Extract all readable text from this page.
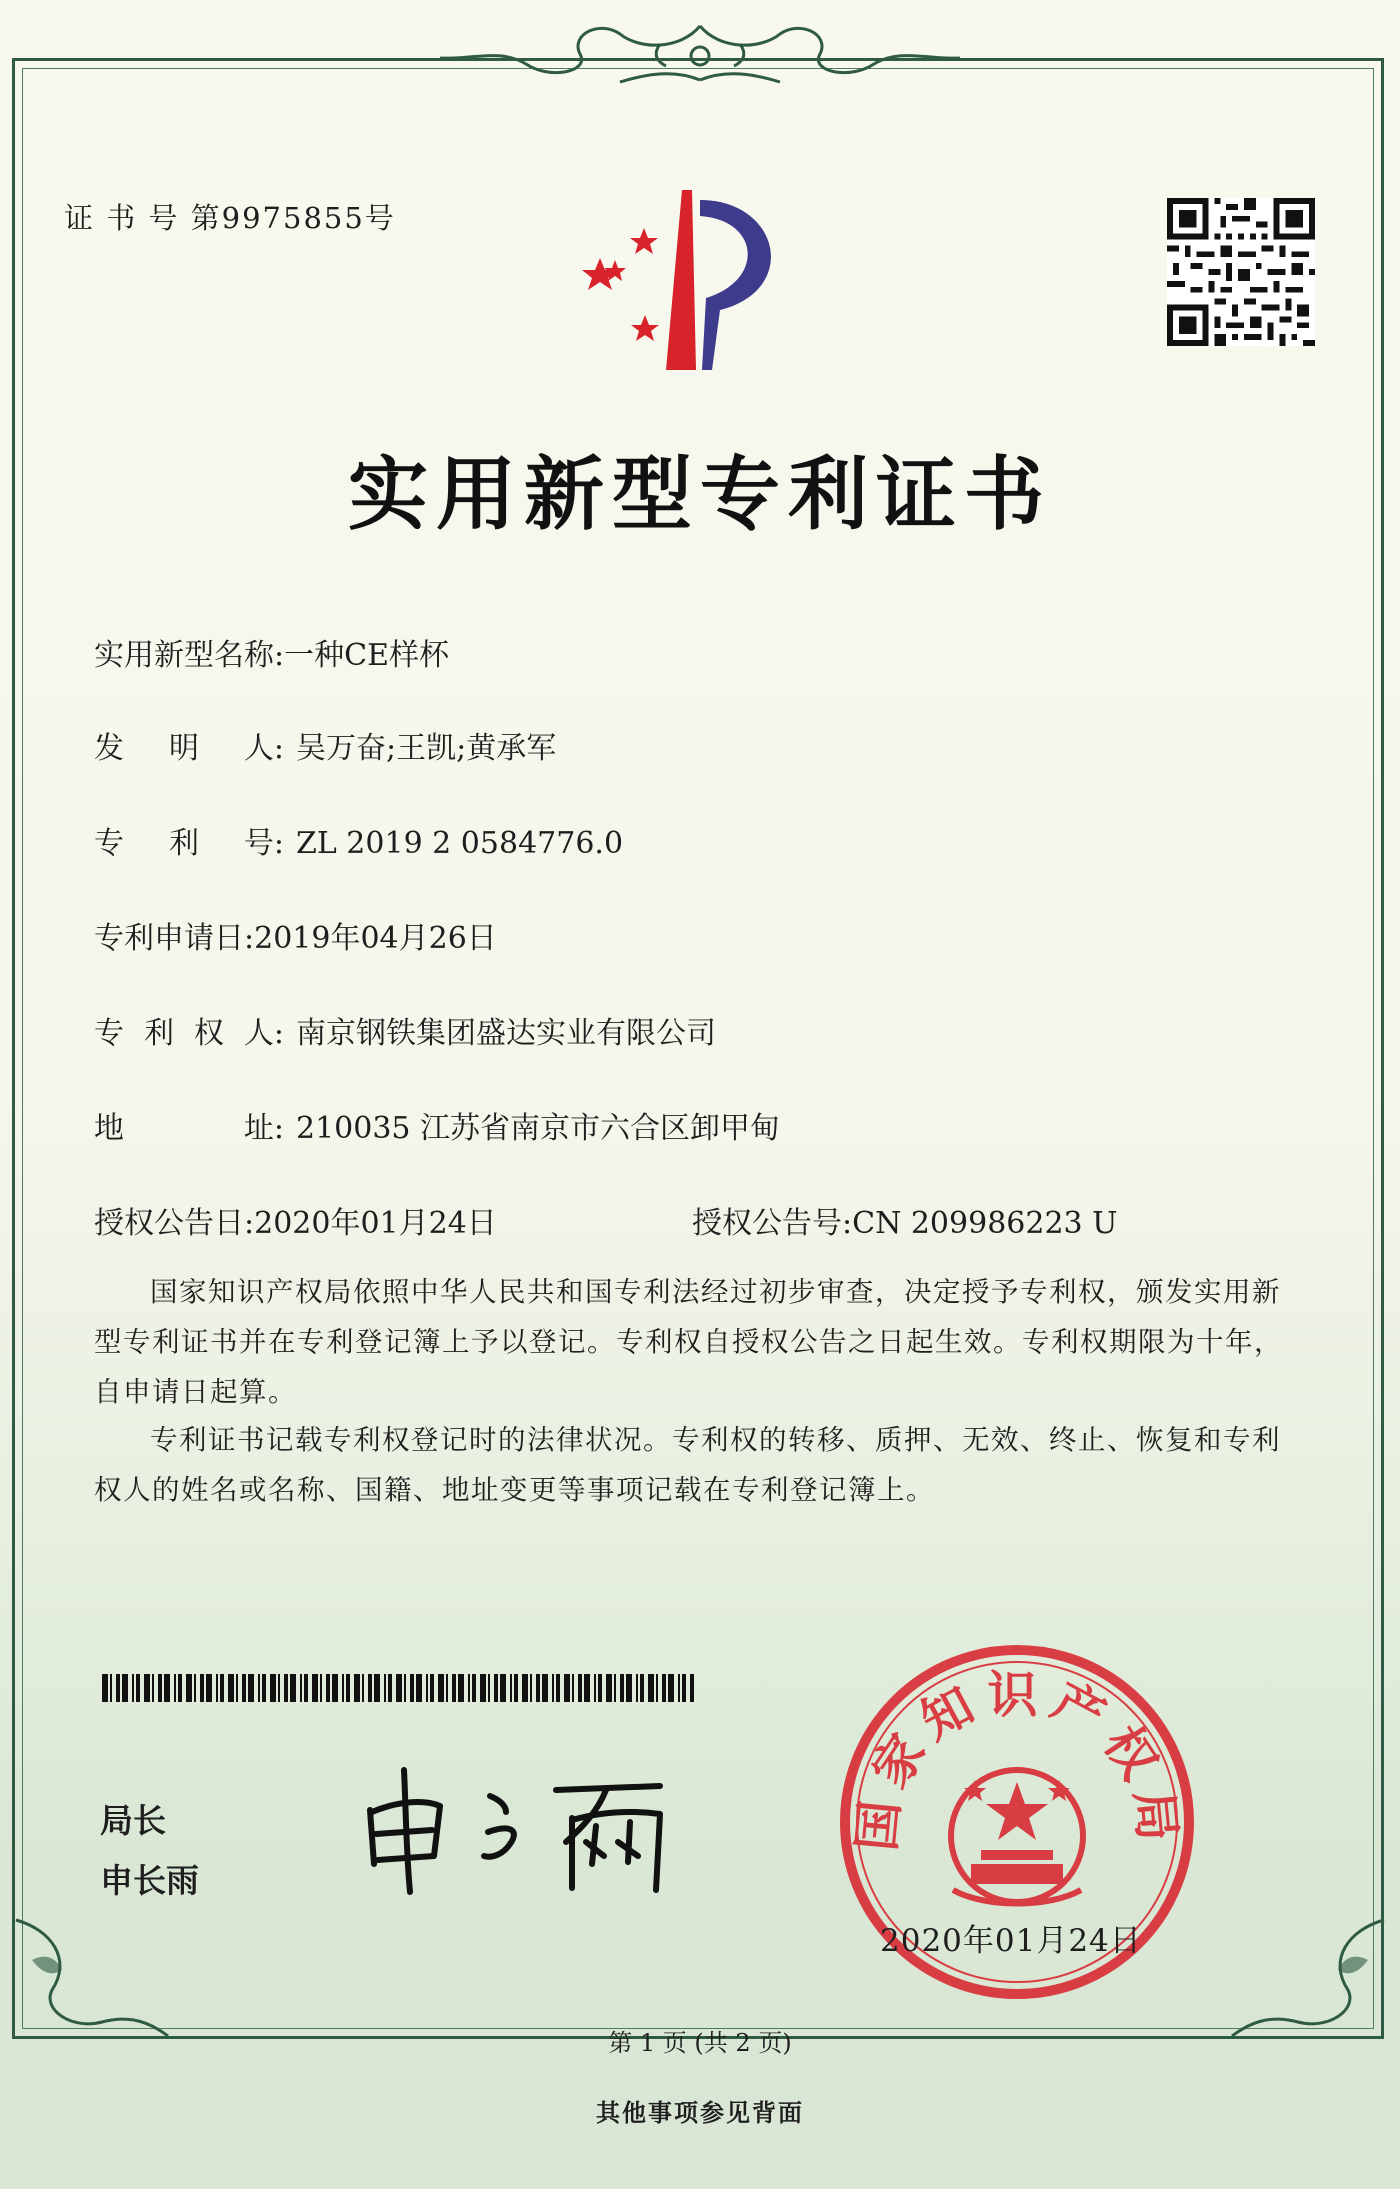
证 书 号 第9975855号
实用新型专利证书
实用新型名称:一种CE样杯
发 明 人: 吴万奋;王凯;黄承军
专 利 号: ZL 2019 2 0584776.0
专利申请日:2019年04月26日
专 利 权 人: 南京钢铁集团盛达实业有限公司
地	址: 210035 江苏省南京市六合区卸甲甸
授权公告日:2020年01月24日	授权公告号:CN 209986223 U
国家知识产权局依照中华人民共和国专利法经过初步审查，决定授予专利权，颁发实用新型专利证书并在专利登记簿上予以登记。专利权自授权公告之日起生效。专利权期限为十年，自申请日起算。
专利证书记载专利权登记时的法律状况。专利权的转移、质押、无效、终止、恢复和专利权人的姓名或名称、国籍、地址变更等事项记载在专利登记簿上。
局长
申长雨
国家知识产权局
2020年01月24日
第 1 页 (共 2 页)
其他事项参见背面
